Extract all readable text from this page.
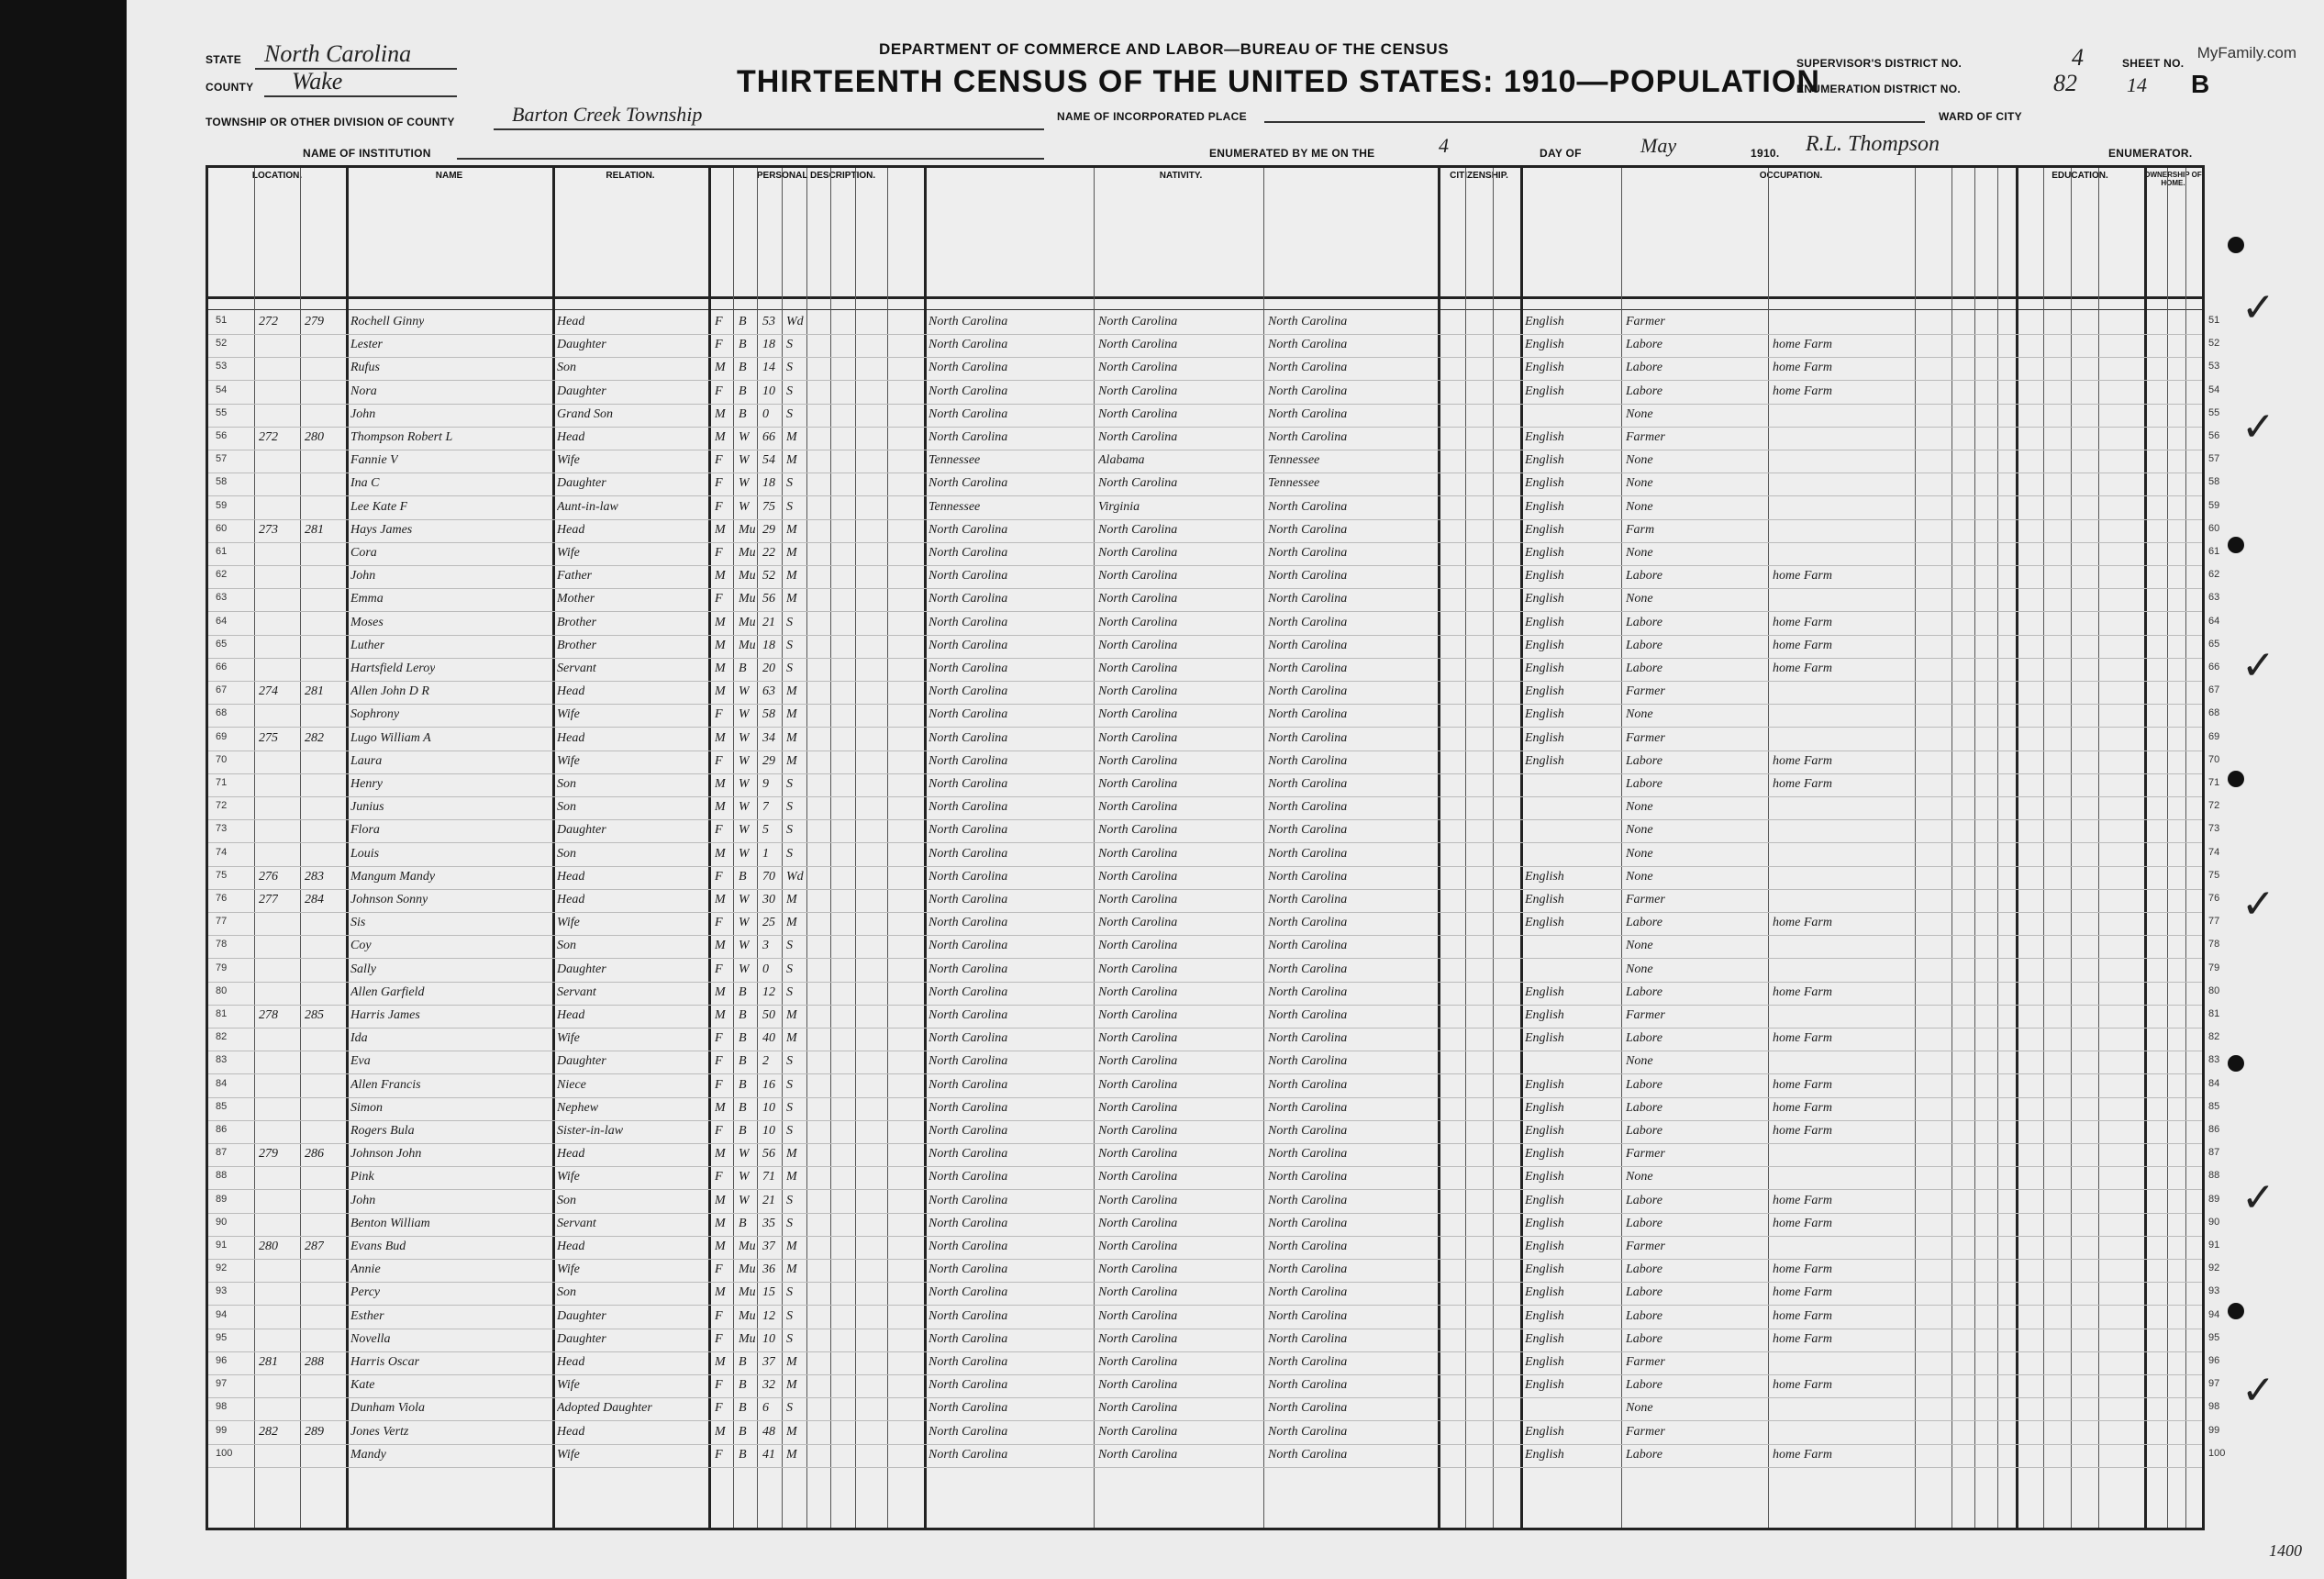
STATE North Carolina
COUNTY Wake
TOWNSHIP OR OTHER DIVISION OF COUNTY	Barton Creek Township
NAME OF INSTITUTION
DEPARTMENT OF COMMERCE AND LABOR—BUREAU OF THE CENSUS
THIRTEENTH CENSUS OF THE UNITED STATES: 1910—POPULATION
NAME OF INCORPORATED PLACE
ENUMERATED BY ME ON THE	4	DAY OF	May	1910. R.L. Thompson	ENUMERATOR.
SUPERVISOR'S DISTRICT NO.	4
ENUMERATION DISTRICT NO.	82
SHEET NO.
14 B
WARD OF CITY
MyFamily.com
LOCATION.	NAME	RELATION.	PERSONAL DESCRIPTION.	NATIVITY.	CITIZENSHIP.	OCCUPATION.	EDUCATION.	OWNERSHIP OF HOME.
51 272 279 Rochell Ginny	Head	F B 53 Wd	North Carolina	North Carolina	North Carolina	English	Farmer	51
52	Lester	Daughter	F B 18 S	North Carolina	North Carolina	North Carolina	English	Labore	home Farm	52
53	Rufus	Son	M B 14 S	North Carolina	North Carolina	North Carolina	English	Labore	home Farm	53
54	Nora	Daughter	F B 10 S	North Carolina	North Carolina	North Carolina	English	Labore	home Farm	54
55	John	Grand Son	M B 0 S	North Carolina	North Carolina	North Carolina	None	55
56 272 280 Thompson Robert L	Head	M W 66 M	North Carolina	North Carolina	North Carolina	English	Farmer	56
57	Fannie V	Wife	F W 54 M	Tennessee	Alabama	Tennessee	English	None	57
58	Ina C	Daughter	F W 18 S	North Carolina	North Carolina	Tennessee	English	None	58
59	Lee Kate F	Aunt-in-law	F W 75 S	Tennessee	Virginia	North Carolina	English	None	59
60 273 281 Hays James	Head	M Mu 29 M	North Carolina	North Carolina	North Carolina	English	Farm	60
61	Cora	Wife	F Mu 22 M	North Carolina	North Carolina	North Carolina	English	None	61
62	John	Father	M Mu 52 M	North Carolina	North Carolina	North Carolina	English	Labore	home Farm	62
63	Emma	Mother	F Mu 56 M	North Carolina	North Carolina	North Carolina	English	None	63
64	Moses	Brother	M Mu 21 S	North Carolina	North Carolina	North Carolina	English	Labore	home Farm	64
65	Luther	Brother	M Mu 18 S	North Carolina	North Carolina	North Carolina	English	Labore	home Farm	65
66	Hartsfield Leroy	Servant	M B 20 S	North Carolina	North Carolina	North Carolina	English	Labore	home Farm	66
67 274 281 Allen John D R	Head	M W 63 M	North Carolina	North Carolina	North Carolina	English	Farmer	67
68	Sophrony	Wife	F W 58 M	North Carolina	North Carolina	North Carolina	English	None	68
69 275 282 Lugo William A	Head	M W 34 M	North Carolina	North Carolina	North Carolina	English	Farmer	69
70	Laura	Wife	F W 29 M	North Carolina	North Carolina	North Carolina	English	Labore	home Farm	70
71	Henry	Son	M W 9 S	North Carolina	North Carolina	North Carolina	Labore	home Farm	71
72	Junius	Son	M W 7 S	North Carolina	North Carolina	North Carolina	None	72
73	Flora	Daughter	F W 5 S	North Carolina	North Carolina	North Carolina	None	73
74	Louis	Son	M W 1 S	North Carolina	North Carolina	North Carolina	None	74
75 276 283 Mangum Mandy	Head	F B 70 Wd	North Carolina	North Carolina	North Carolina	English	None	75
76 277 284 Johnson Sonny	Head	M W 30 M	North Carolina	North Carolina	North Carolina	English	Farmer	76
77	Sis	Wife	F W 25 M	North Carolina	North Carolina	North Carolina	English	Labore	home Farm	77
78	Coy	Son	M W 3 S	North Carolina	North Carolina	North Carolina	None	78
79	Sally	Daughter	F W 0 S	North Carolina	North Carolina	North Carolina	None	79
80	Allen Garfield	Servant	M B 12 S	North Carolina	North Carolina	North Carolina	English	Labore	home Farm	80
81 278 285 Harris James	Head	M B 50 M	North Carolina	North Carolina	North Carolina	English	Farmer	81
82	Ida	Wife	F B 40 M	North Carolina	North Carolina	North Carolina	English	Labore	home Farm	82
83	Eva	Daughter	F B 2 S	North Carolina	North Carolina	North Carolina	None	83
84	Allen Francis	Niece	F B 16 S	North Carolina	North Carolina	North Carolina	English	Labore	home Farm	84
85	Simon	Nephew	M B 10 S	North Carolina	North Carolina	North Carolina	English	Labore	home Farm	85
86	Rogers Bula	Sister-in-law	F B 10 S	North Carolina	North Carolina	North Carolina	English	Labore	home Farm	86
87 279 286 Johnson John	Head	M W 56 M	North Carolina	North Carolina	North Carolina	English	Farmer	87
88	Pink	Wife	F W 71 M	North Carolina	North Carolina	North Carolina	English	None	88
89	John	Son	M W 21 S	North Carolina	North Carolina	North Carolina	English	Labore	home Farm	89
90	Benton William	Servant	M B 35 S	North Carolina	North Carolina	North Carolina	English	Labore	home Farm	90
91 280 287 Evans Bud	Head	M Mu 37 M	North Carolina	North Carolina	North Carolina	English	Farmer	91
92	Annie	Wife	F Mu 36 M	North Carolina	North Carolina	North Carolina	English	Labore	home Farm	92
93	Percy	Son	M Mu 15 S	North Carolina	North Carolina	North Carolina	English	Labore	home Farm	93
94	Esther	Daughter	F Mu 12 S	North Carolina	North Carolina	North Carolina	English	Labore	home Farm	94
95	Novella	Daughter	F Mu 10 S	North Carolina	North Carolina	North Carolina	English	Labore	home Farm	95
96 281 288 Harris Oscar	Head	M B 37 M	North Carolina	North Carolina	North Carolina	English	Farmer	96
97	Kate	Wife	F B 32 M	North Carolina	North Carolina	North Carolina	English	Labore	home Farm	97
98	Dunham Viola	Adopted Daughter	F B 6 S	North Carolina	North Carolina	North Carolina	None	98
99 282 289 Jones Vertz	Head	M B 48 M	North Carolina	North Carolina	North Carolina	English	Farmer	99
100	Mandy	Wife	F B 41 M	North Carolina	North Carolina	North Carolina	English	Labore	home Farm	100
✓
✓
✓
✓
✓
✓
1400
